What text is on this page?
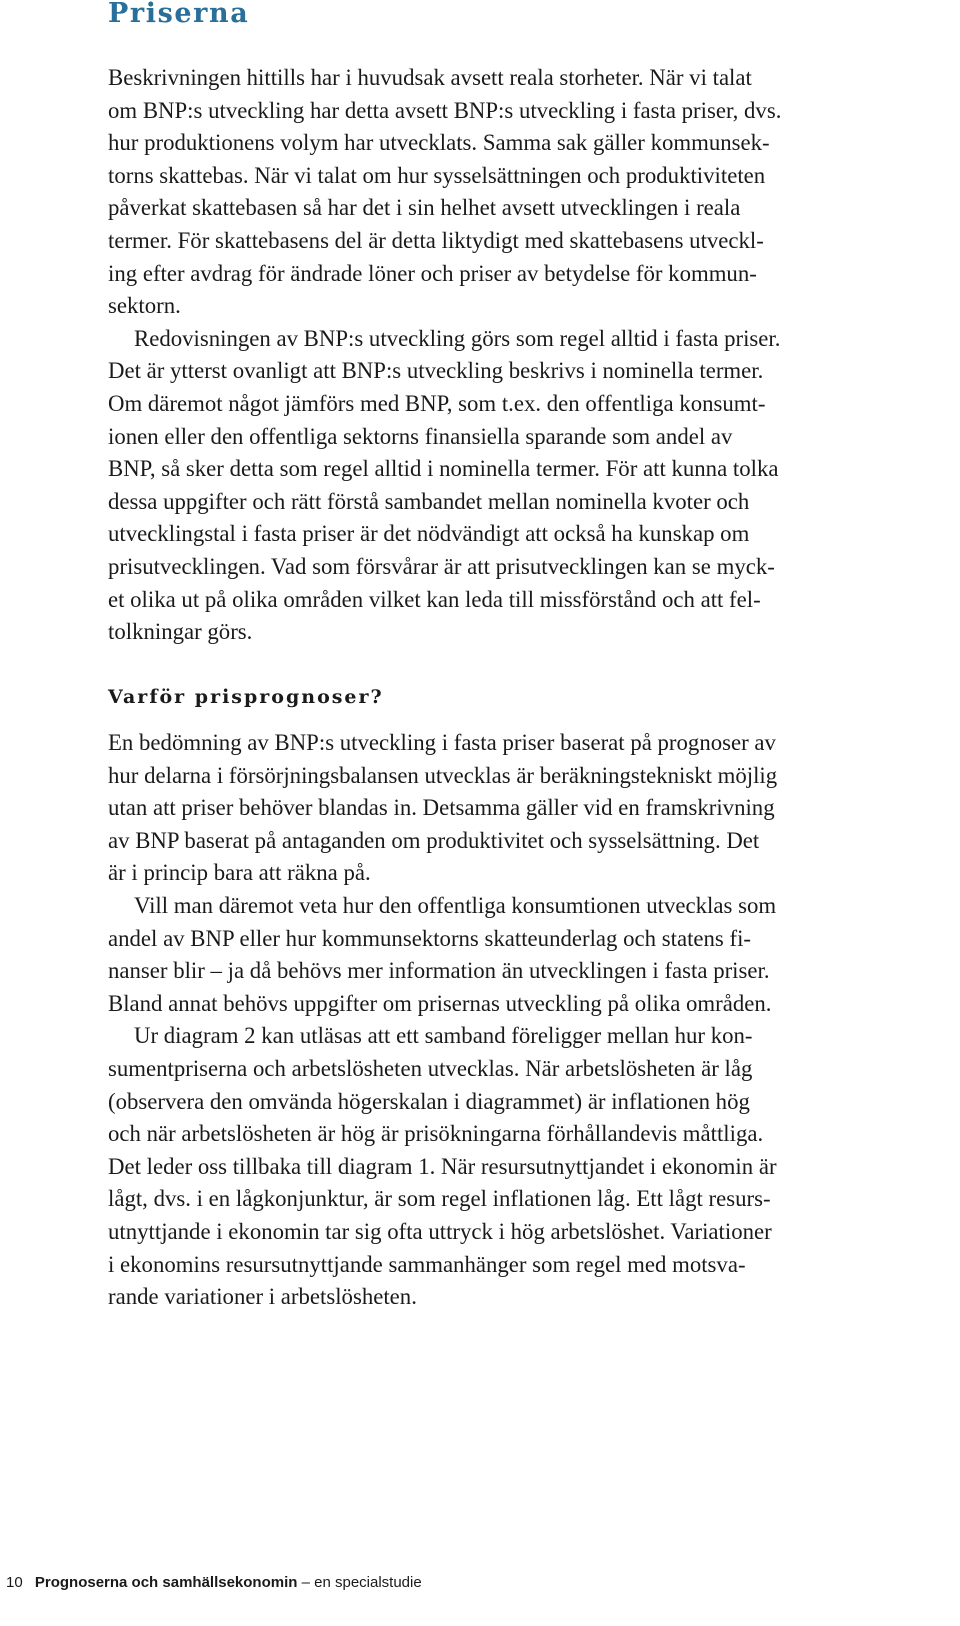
Priserna
Beskrivningen hittills har i huvudsak avsett reala storheter. När vi talat
om BNP:s utveckling har detta avsett BNP:s utveckling i fasta priser, dvs.
hur produktionens volym har utvecklats. Samma sak gäller kommunsek-
torns skattebas. När vi talat om hur sysselsättningen och produktiviteten
påverkat skattebasen så har det i sin helhet avsett utvecklingen i reala
termer. För skattebasens del är detta liktydigt med skattebasens utveckl-
ing efter avdrag för ändrade löner och priser av betydelse för kommun-
sektorn.
Redovisningen av BNP:s utveckling görs som regel alltid i fasta priser.
Det är ytterst ovanligt att BNP:s utveckling beskrivs i nominella termer.
Om däremot något jämförs med BNP, som t.ex. den offentliga konsumt-
ionen eller den offentliga sektorns finansiella sparande som andel av
BNP, så sker detta som regel alltid i nominella termer. För att kunna tolka
dessa uppgifter och rätt förstå sambandet mellan nominella kvoter och
utvecklingstal i fasta priser är det nödvändigt att också ha kunskap om
prisutvecklingen. Vad som försvårar är att prisutvecklingen kan se myck-
et olika ut på olika områden vilket kan leda till missförstånd och att fel-
tolkningar görs.
Varför prisprognoser?
En bedömning av BNP:s utveckling i fasta priser baserat på prognoser av
hur delarna i försörjningsbalansen utvecklas är beräkningstekniskt möjlig
utan att priser behöver blandas in. Detsamma gäller vid en framskrivning
av BNP baserat på antaganden om produktivitet och sysselsättning. Det
är i princip bara att räkna på.
Vill man däremot veta hur den offentliga konsumtionen utvecklas som
andel av BNP eller hur kommunsektorns skatteunderlag och statens fi-
nanser blir – ja då behövs mer information än utvecklingen i fasta priser.
Bland annat behövs uppgifter om prisernas utveckling på olika områden.
Ur diagram 2 kan utläsas att ett samband föreligger mellan hur kon-
sumentpriserna och arbetslösheten utvecklas. När arbetslösheten är låg
(observera den omvända högerskalan i diagrammet) är inflationen hög
och när arbetslösheten är hög är prisökningarna förhållandevis måttliga.
Det leder oss tillbaka till diagram 1. När resursutnyttjandet i ekonomin är
lågt, dvs. i en lågkonjunktur, är som regel inflationen låg. Ett lågt resurs-
utnyttjande i ekonomin tar sig ofta uttryck i hög arbetslöshet. Variationer
i ekonomins resursutnyttjande sammanhänger som regel med motsva-
rande variationer i arbetslösheten.
10 Prognoserna och samhällsekonomin – en specialstudie
